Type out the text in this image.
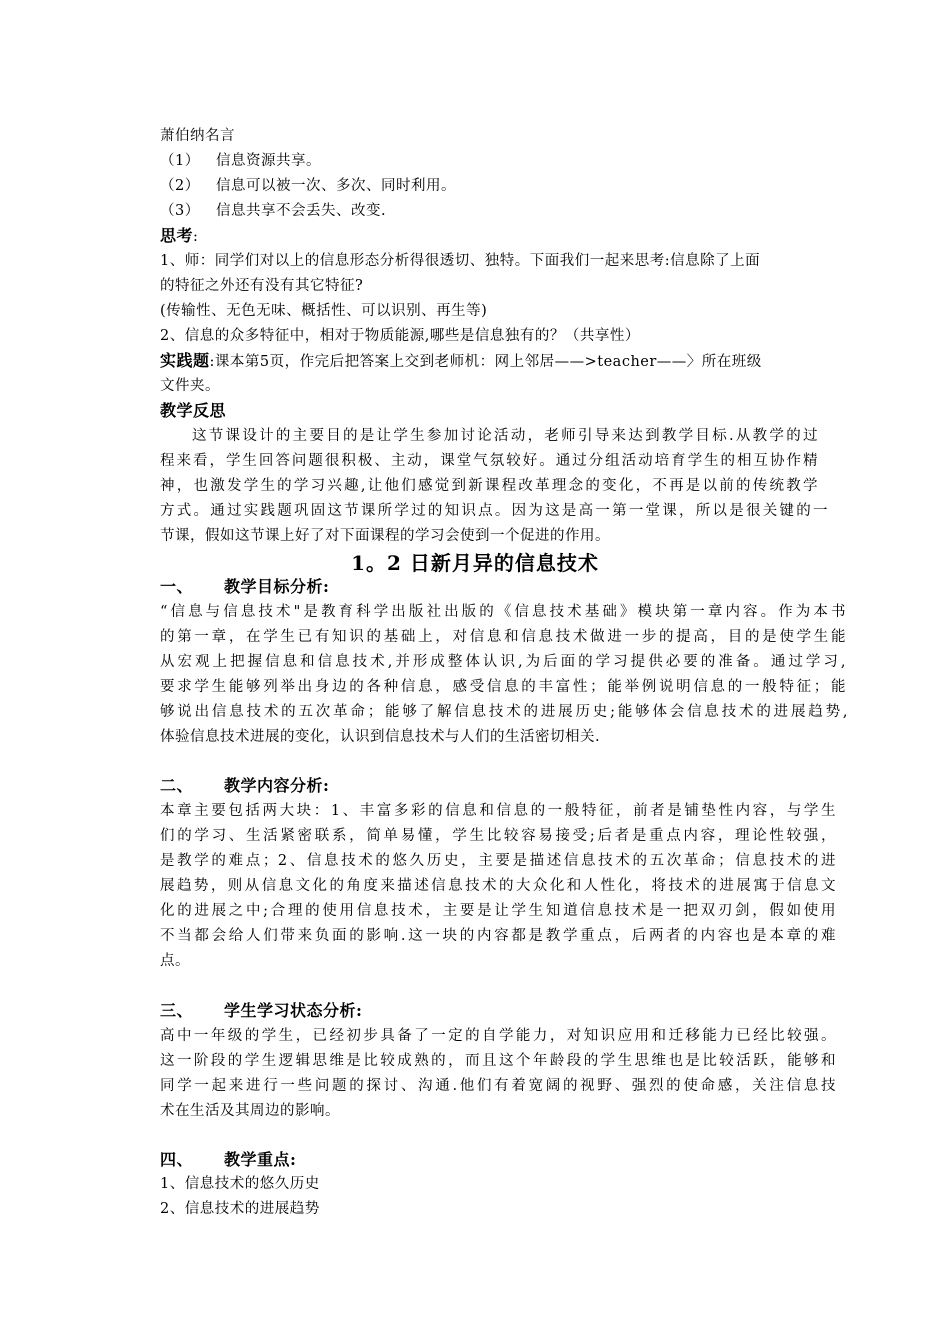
萧伯纳名言
（1） 信息资源共享。
（2） 信息可以被一次、多次、同时利用。
（3） 信息共享不会丢失、改变.
思考:
1、师：同学们对以上的信息形态分析得很透切、独特。下面我们一起来思考:信息除了上面
的特征之外还有没有其它特征?
(传输性、无色无味、概括性、可以识别、再生等)
2、信息的众多特征中，相对于物质能源,哪些是信息独有的？（共享性）
实践题:课本第5页，作完后把答案上交到老师机：网上邻居——>teacher——〉所在班级
文件夹。
教学反思
这节课设计的主要目的是让学生参加讨论活动，老师引导来达到教学目标.从教学的过
程来看，学生回答问题很积极、主动，课堂气氛较好。通过分组活动培育学生的相互协作精
神，也激发学生的学习兴趣,让他们感觉到新课程改革理念的变化，不再是以前的传统教学
方式。通过实践题巩固这节课所学过的知识点。因为这是高一第一堂课，所以是很关键的一
节课，假如这节课上好了对下面课程的学习会使到一个促进的作用。
1。2 日新月异的信息技术
一、 教学目标分析:
“信息与信息技术"是教育科学出版社出版的《信息技术基础》模块第一章内容。作为本书
的第一章，在学生已有知识的基础上，对信息和信息技术做进一步的提高，目的是使学生能
从宏观上把握信息和信息技术,并形成整体认识,为后面的学习提供必要的准备。通过学习,
要求学生能够列举出身边的各种信息，感受信息的丰富性；能举例说明信息的一般特征；能
够说出信息技术的五次革命；能够了解信息技术的进展历史;能够体会信息技术的进展趋势,
体验信息技术进展的变化，认识到信息技术与人们的生活密切相关.
二、 教学内容分析:
本章主要包括两大块：1、丰富多彩的信息和信息的一般特征，前者是铺垫性内容，与学生
们的学习、生活紧密联系，简单易懂，学生比较容易接受;后者是重点内容，理论性较强，
是教学的难点；2、信息技术的悠久历史，主要是描述信息技术的五次革命；信息技术的进
展趋势，则从信息文化的角度来描述信息技术的大众化和人性化，将技术的进展寓于信息文
化的进展之中;合理的使用信息技术，主要是让学生知道信息技术是一把双刃剑，假如使用
不当都会给人们带来负面的影响.这一块的内容都是教学重点，后两者的内容也是本章的难
点。
三、 学生学习状态分析:
高中一年级的学生，已经初步具备了一定的自学能力，对知识应用和迁移能力已经比较强。
这一阶段的学生逻辑思维是比较成熟的，而且这个年龄段的学生思维也是比较活跃，能够和
同学一起来进行一些问题的探讨、沟通.他们有着宽阔的视野、强烈的使命感，关注信息技
术在生活及其周边的影响。
四、 教学重点:
1、信息技术的悠久历史
2、信息技术的进展趋势
